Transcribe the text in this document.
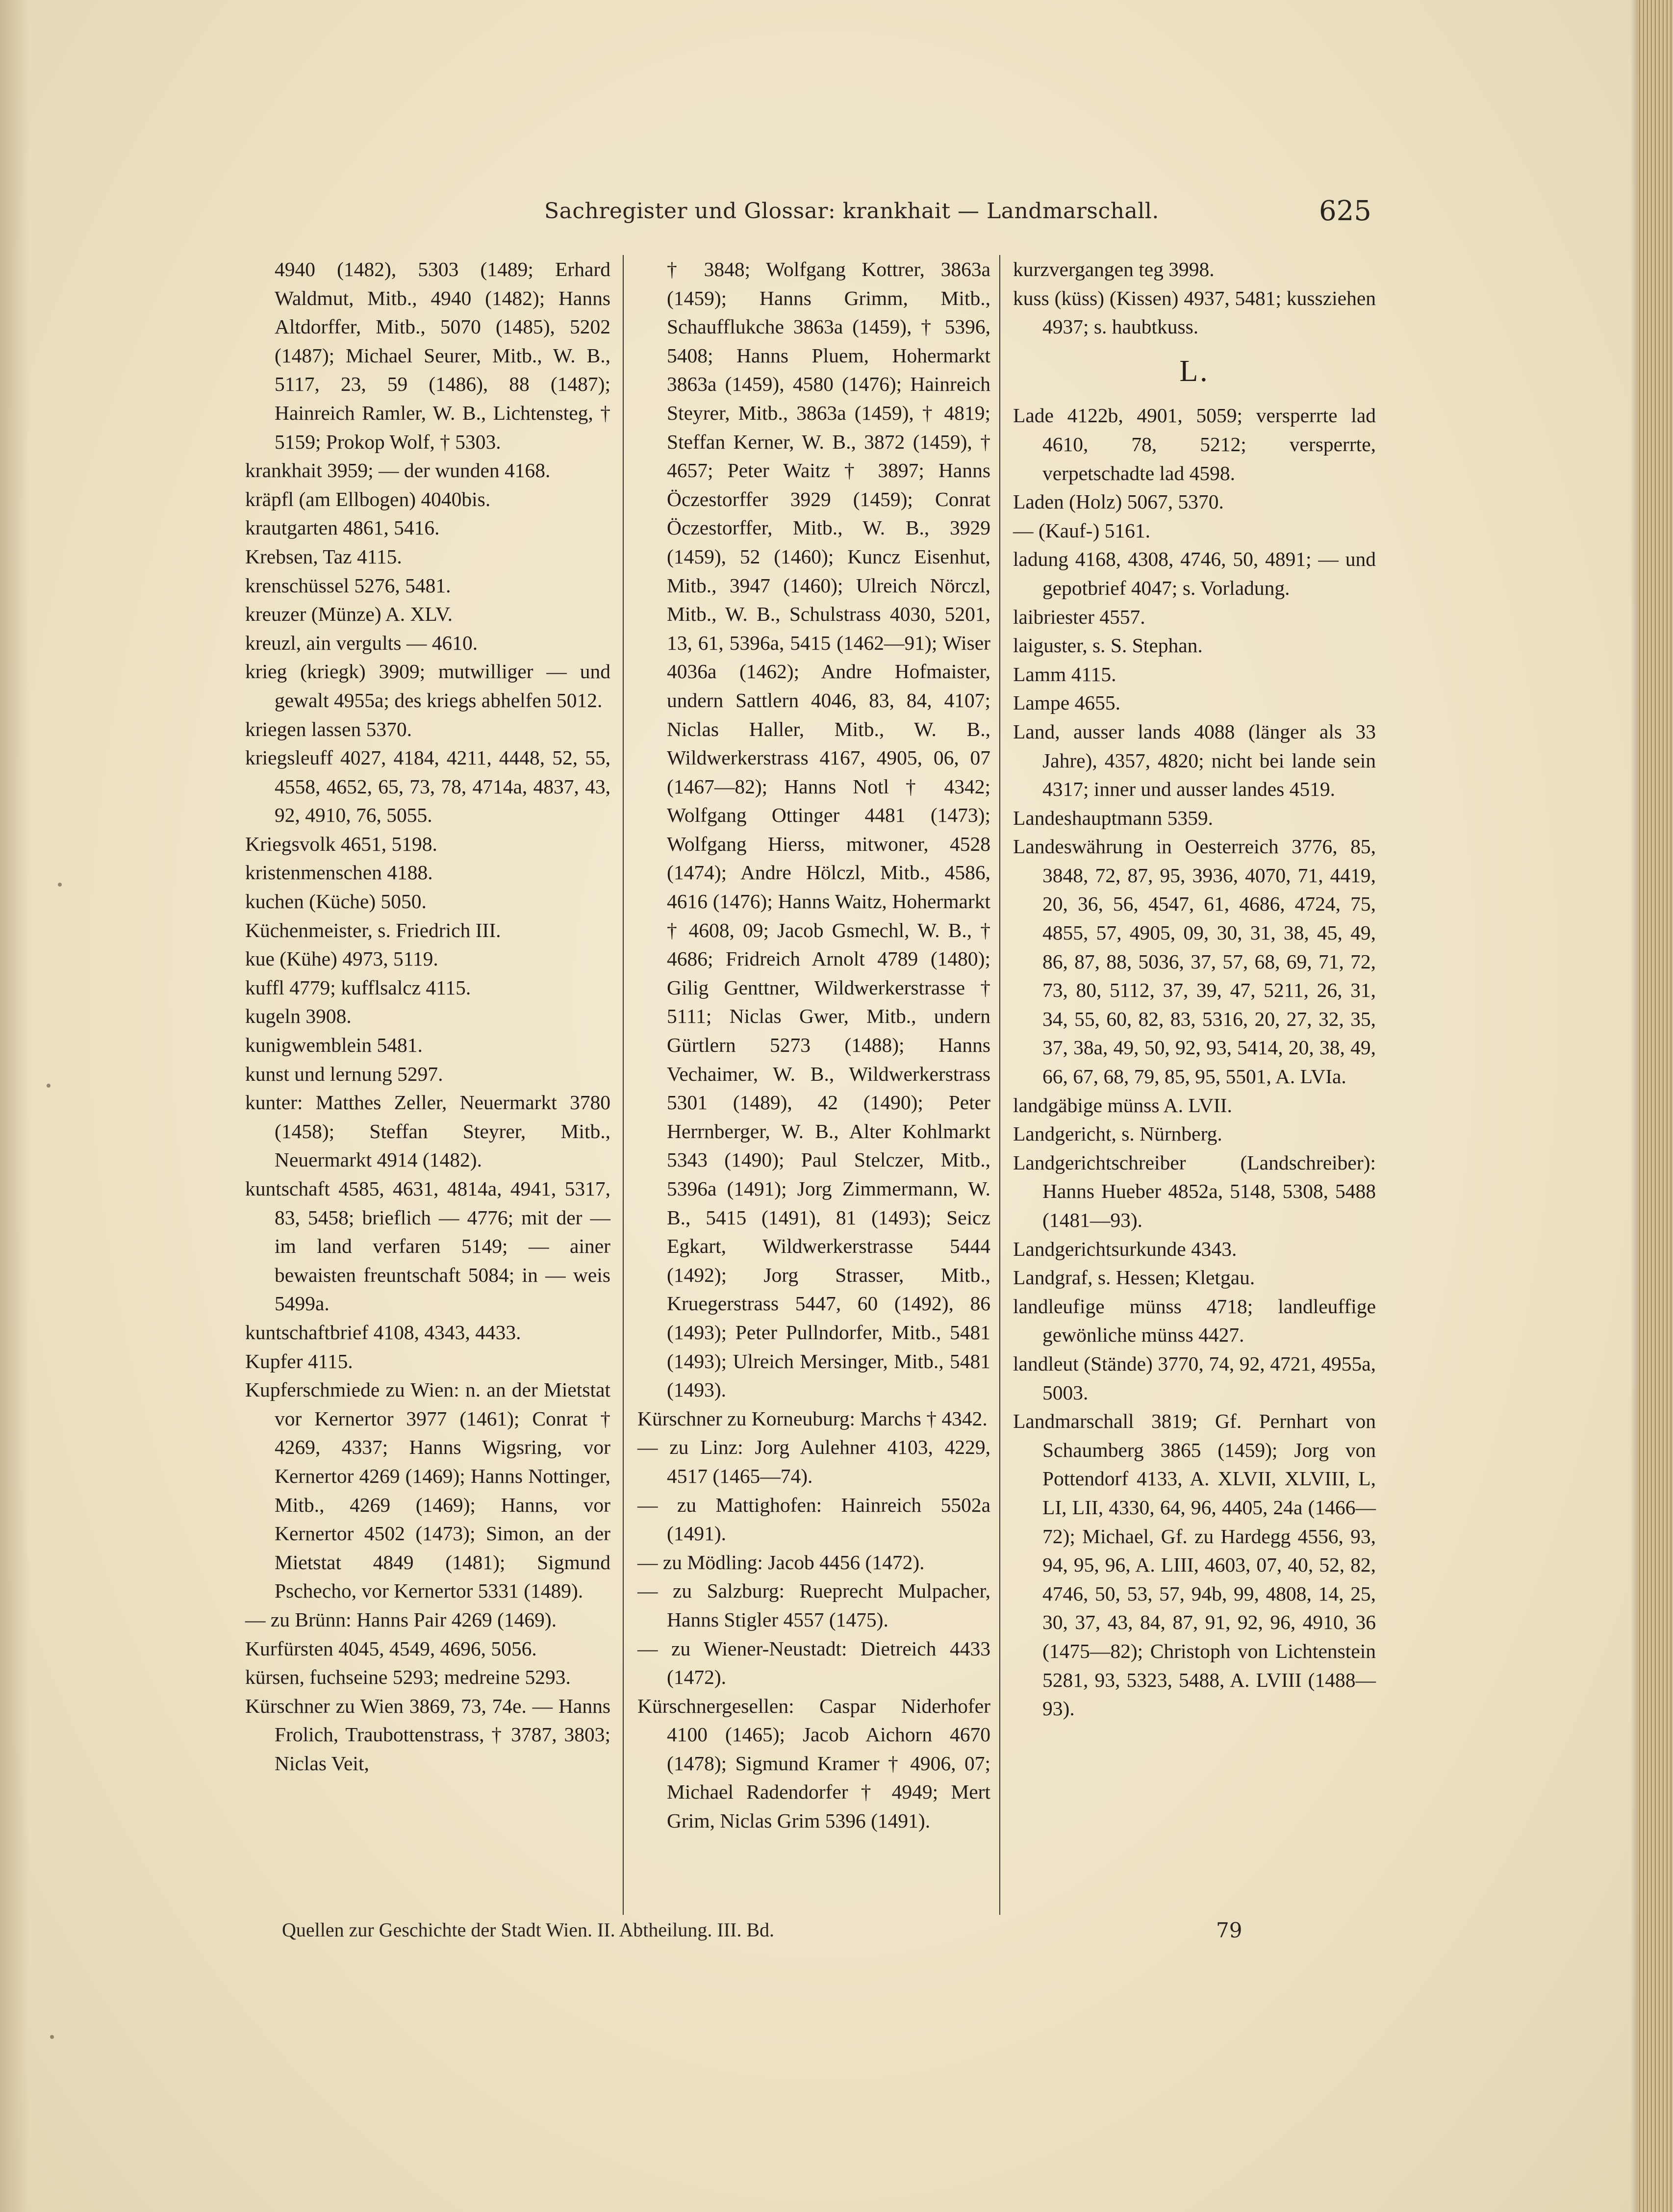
Sachregister und Glossar: krankhait — Landmarschall.	625

4940 (1482), 5303 (1489; Erhard Waldmut, Mitb., 4940 (1482); Hanns Altdorffer, Mitb., 5070 (1485), 5202 (1487); Michael Seurer, Mitb., W. B., 5117, 23, 59 (1486), 88 (1487); Hainreich Ramler, W. B., Lichtensteg, † 5159; Prokop Wolf, † 5303.

krankhait 3959; — der wunden 4168.

kräpfl (am Ellbogen) 4040bis.

krautgarten 4861, 5416.

Krebsen, Taz 4115.

krenschüssel 5276, 5481.

kreuzer (Münze) A. XLV.

kreuzl, ain vergults — 4610.

krieg (kriegk) 3909; mutwilliger — und gewalt 4955a; des kriegs abhelfen 5012.

kriegen lassen 5370.

kriegsleuff 4027, 4184, 4211, 4448, 52, 55, 4558, 4652, 65, 73, 78, 4714a, 4837, 43, 92, 4910, 76, 5055.

Kriegsvolk 4651, 5198.

kristenmenschen 4188.

kuchen (Küche) 5050.

Küchenmeister, s. Friedrich III.

kue (Kühe) 4973, 5119.

kuffl 4779; kufflsalcz 4115.

kugeln 3908.

kunigwemblein 5481.

kunst und lernung 5297.

kunter: Matthes Zeller, Neuermarkt 3780 (1458); Steffan Steyrer, Mitb., Neuermarkt 4914 (1482).

kuntschaft 4585, 4631, 4814a, 4941, 5317, 83, 5458; brieflich — 4776; mit der — im land verfaren 5149; — ainer bewaisten freuntschaft 5084; in — weis 5499a.

kuntschaftbrief 4108, 4343, 4433.

Kupfer 4115.

Kupferschmiede zu Wien: n. an der Mietstat vor Kernertor 3977 (1461); Conrat † 4269, 4337; Hanns Wigsring, vor Kernertor 4269 (1469); Hanns Nottinger, Mitb., 4269 (1469); Hanns, vor Kernertor 4502 (1473); Simon, an der Mietstat 4849 (1481); Sigmund Pschecho, vor Kernertor 5331 (1489).

— zu Brünn: Hanns Pair 4269 (1469).

Kurfürsten 4045, 4549, 4696, 5056.

kürsen, fuchseine 5293; medreine 5293.

Kürschner zu Wien 3869, 73, 74e. — Hanns Frolich, Traubottenstrass, † 3787, 3803; Niclas Veit,

† 3848; Wolfgang Kottrer, 3863a (1459); Hanns Grimm, Mitb., Schaufflukche 3863a (1459), † 5396, 5408; Hanns Pluem, Hohermarkt 3863a (1459), 4580 (1476); Hainreich Steyrer, Mitb., 3863a (1459), † 4819; Steffan Kerner, W. B., 3872 (1459), † 4657; Peter Waitz † 3897; Hanns Öczestorffer 3929 (1459); Conrat Öczestorffer, Mitb., W. B., 3929 (1459), 52 (1460); Kuncz Eisenhut, Mitb., 3947 (1460); Ulreich Nörczl, Mitb., W. B., Schulstrass 4030, 5201, 13, 61, 5396a, 5415 (1462—91); Wiser 4036a (1462); Andre Hofmaister, undern Sattlern 4046, 83, 84, 4107; Niclas Haller, Mitb., W. B., Wildwerkerstrass 4167, 4905, 06, 07 (1467—82); Hanns Notl † 4342; Wolfgang Ottinger 4481 (1473); Wolfgang Hierss, mitwoner, 4528 (1474); Andre Hölczl, Mitb., 4586, 4616 (1476); Hanns Waitz, Hohermarkt † 4608, 09; Jacob Gsmechl, W. B., † 4686; Fridreich Arnolt 4789 (1480); Gilig Genttner, Wildwerkerstrasse † 5111; Niclas Gwer, Mitb., undern Gürtlern 5273 (1488); Hanns Vechaimer, W. B., Wildwerkerstrass 5301 (1489), 42 (1490); Peter Herrnberger, W. B., Alter Kohlmarkt 5343 (1490); Paul Stelczer, Mitb., 5396a (1491); Jorg Zimmermann, W. B., 5415 (1491), 81 (1493); Seicz Egkart, Wildwerkerstrasse 5444 (1492); Jorg Strasser, Mitb., Kruegerstrass 5447, 60 (1492), 86 (1493); Peter Pullndorfer, Mitb., 5481 (1493); Ulreich Mersinger, Mitb., 5481 (1493).

Kürschner zu Korneuburg: Marchs † 4342.

— zu Linz: Jorg Aulehner 4103, 4229, 4517 (1465—74).

— zu Mattighofen: Hainreich 5502a (1491).

— zu Mödling: Jacob 4456 (1472).

— zu Salzburg: Rueprecht Mulpacher, Hanns Stigler 4557 (1475).

— zu Wiener-Neustadt: Dietreich 4433 (1472).

Kürschnergesellen: Caspar Niderhofer 4100 (1465); Jacob Aichorn 4670 (1478); Sigmund Kramer † 4906, 07; Michael Radendorfer † 4949; Mert Grim, Niclas Grim 5396 (1491).

kurzvergangen teg 3998.

kuss (küss) (Kissen) 4937, 5481; kussziehen 4937; s. haubtkuss.

L.

Lade 4122b, 4901, 5059; versperrte lad 4610, 78, 5212; versperrte, verpetschadte lad 4598.

Laden (Holz) 5067, 5370.

— (Kauf-) 5161.

ladung 4168, 4308, 4746, 50, 4891; — und gepotbrief 4047; s. Vorladung.

laibriester 4557.

laiguster, s. S. Stephan.

Lamm 4115.

Lampe 4655.

Land, ausser lands 4088 (länger als 33 Jahre), 4357, 4820; nicht bei lande sein 4317; inner und ausser landes 4519.

Landeshauptmann 5359.

Landeswährung in Oesterreich 3776, 85, 3848, 72, 87, 95, 3936, 4070, 71, 4419, 20, 36, 56, 4547, 61, 4686, 4724, 75, 4855, 57, 4905, 09, 30, 31, 38, 45, 49, 86, 87, 88, 5036, 37, 57, 68, 69, 71, 72, 73, 80, 5112, 37, 39, 47, 5211, 26, 31, 34, 55, 60, 82, 83, 5316, 20, 27, 32, 35, 37, 38a, 49, 50, 92, 93, 5414, 20, 38, 49, 66, 67, 68, 79, 85, 95, 5501, A. LVIa.

landgäbige münss A. LVII.

Landgericht, s. Nürnberg.

Landgerichtschreiber (Landschreiber): Hanns Hueber 4852a, 5148, 5308, 5488 (1481—93).

Landgerichtsurkunde 4343.

Landgraf, s. Hessen; Kletgau.

landleufige münss 4718; landleuffige gewönliche münss 4427.

landleut (Stände) 3770, 74, 92, 4721, 4955a, 5003.

Landmarschall 3819; Gf. Pernhart von Schaumberg 3865 (1459); Jorg von Pottendorf 4133, A. XLVII, XLVIII, L, LI, LII, 4330, 64, 96, 4405, 24a (1466—72); Michael, Gf. zu Hardegg 4556, 93, 94, 95, 96, A. LIII, 4603, 07, 40, 52, 82, 4746, 50, 53, 57, 94b, 99, 4808, 14, 25, 30, 37, 43, 84, 87, 91, 92, 96, 4910, 36 (1475—82); Christoph von Lichtenstein 5281, 93, 5323, 5488, A. LVIII (1488—93).

Quellen zur Geschichte der Stadt Wien. II. Abtheilung. III. Bd.	79
